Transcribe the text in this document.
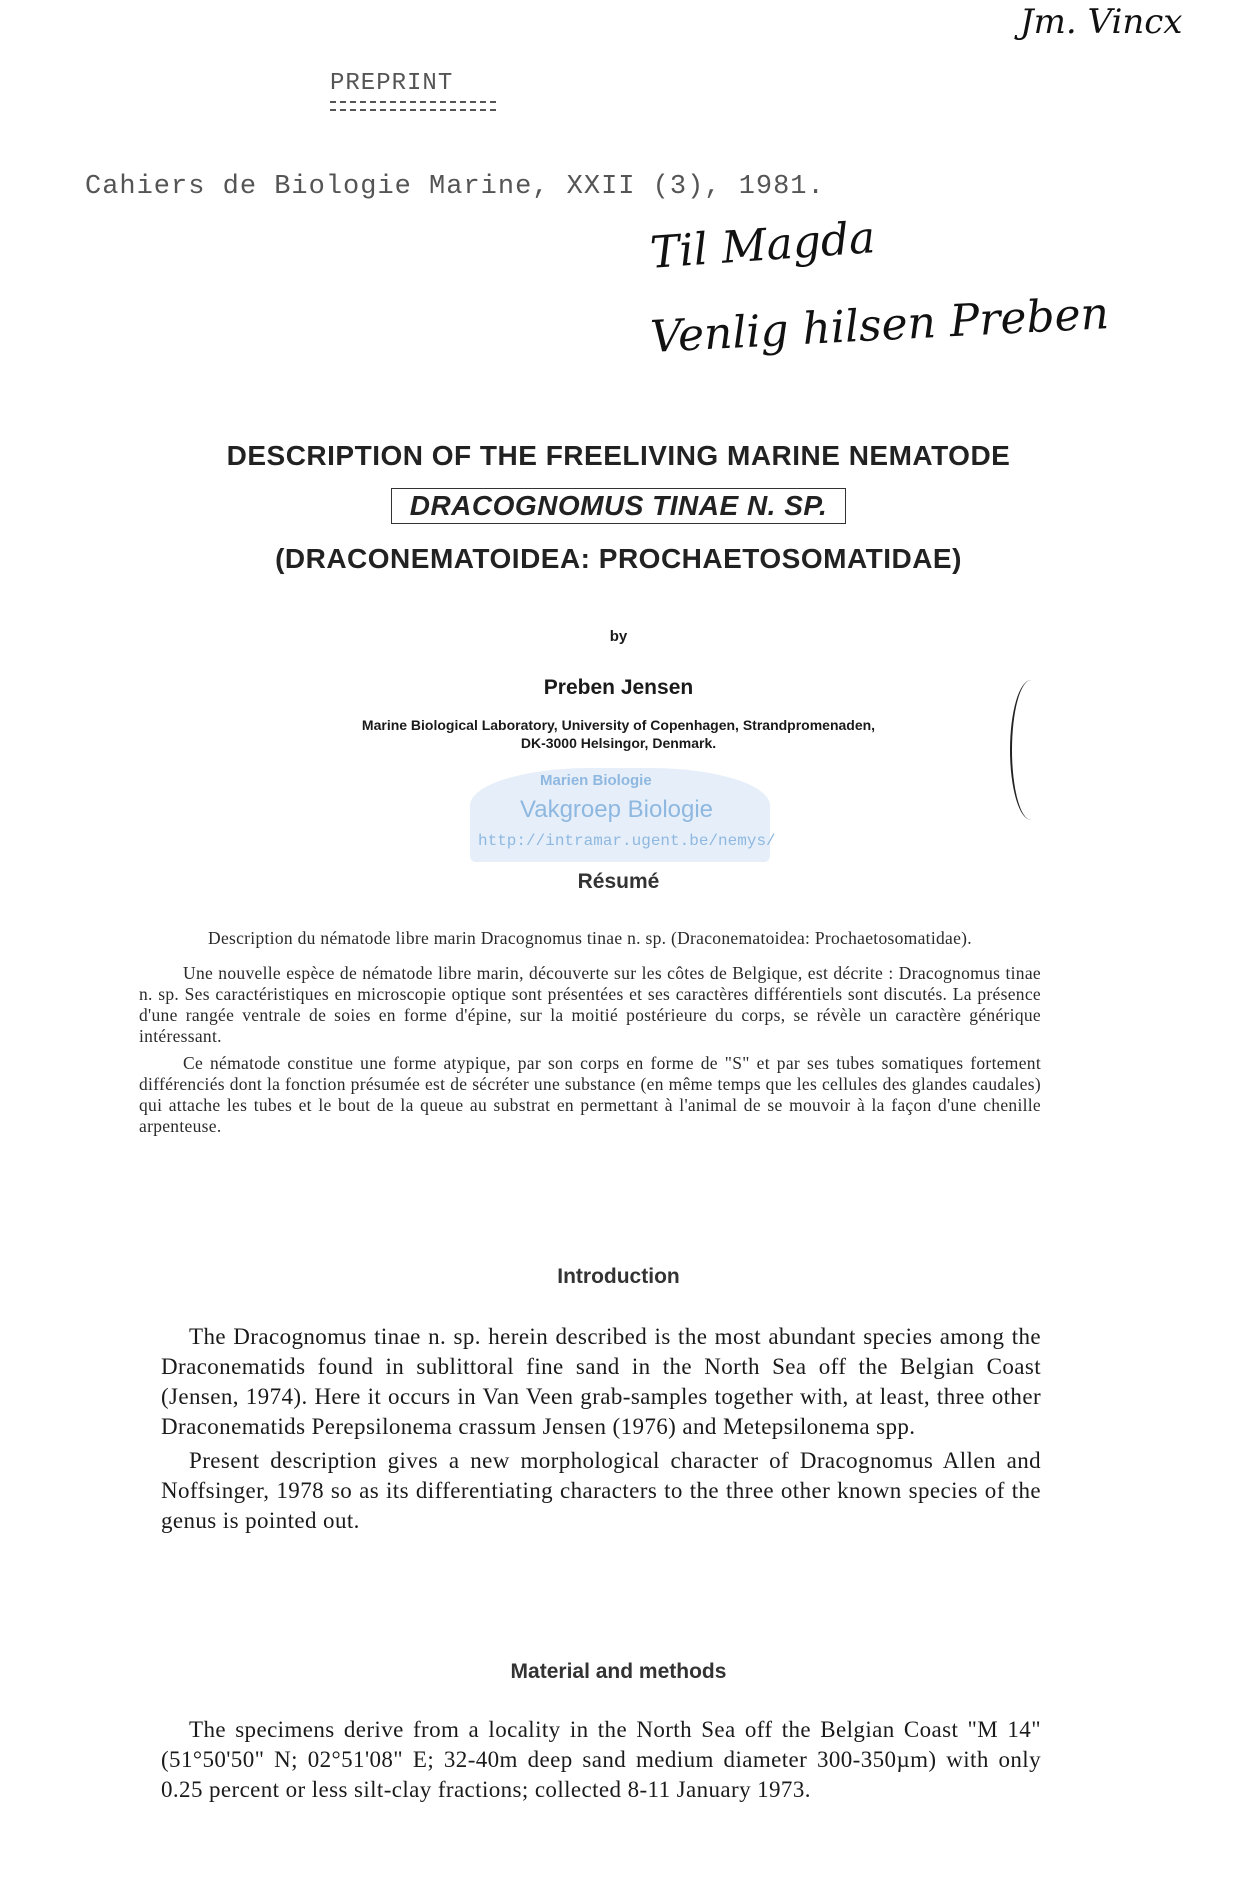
Jm. Vincx
PREPRINT
Cahiers de Biologie Marine, XXII (3), 1981.
Til Magda
Venlig hilsen Preben
DESCRIPTION OF THE FREELIVING MARINE NEMATODE
DRACOGNOMUS TINAE N. SP.
(DRACONEMATOIDEA: PROCHAETOSOMATIDAE)
by
Preben Jensen
Marine Biological Laboratory, University of Copenhagen, Strandpromenaden,
DK-3000 Helsingor, Denmark.
Marien Biologie
Vakgroep Biologie
http://intramar.ugent.be/nemys/
Résumé

Description du nématode libre marin Dracognomus tinae n. sp. (Draconematoidea: Prochaetosomatidae).

Une nouvelle espèce de nématode libre marin, découverte sur les côtes de Belgique, est décrite : Dracognomus tinae n. sp. Ses caractéristiques en microscopie optique sont présentées et ses caractères différentiels sont discutés. La présence d'une rangée ventrale de soies en forme d'épine, sur la moitié postérieure du corps, se révèle un caractère générique intéressant.

Ce nématode constitue une forme atypique, par son corps en forme de "S" et par ses tubes somatiques fortement différenciés dont la fonction présumée est de sécréter une substance (en même temps que les cellules des glandes caudales) qui attache les tubes et le bout de la queue au substrat en permettant à l'animal de se mouvoir à la façon d'une chenille arpenteuse.

Introduction

The Dracognomus tinae n. sp. herein described is the most abundant species among the Draconematids found in sublittoral fine sand in the North Sea off the Belgian Coast (Jensen, 1974). Here it occurs in Van Veen grab-samples together with, at least, three other Draconematids Perepsilonema crassum Jensen (1976) and Metepsilonema spp.

Present description gives a new morphological character of Dracognomus Allen and Noffsinger, 1978 so as its differentiating characters to the three other known species of the genus is pointed out.

Material and methods

The specimens derive from a locality in the North Sea off the Belgian Coast "M 14" (51°50'50" N; 02°51'08" E; 32-40m deep sand medium diameter 300-350µm) with only 0.25 percent or less silt-clay fractions; collected 8-11 January 1973.
